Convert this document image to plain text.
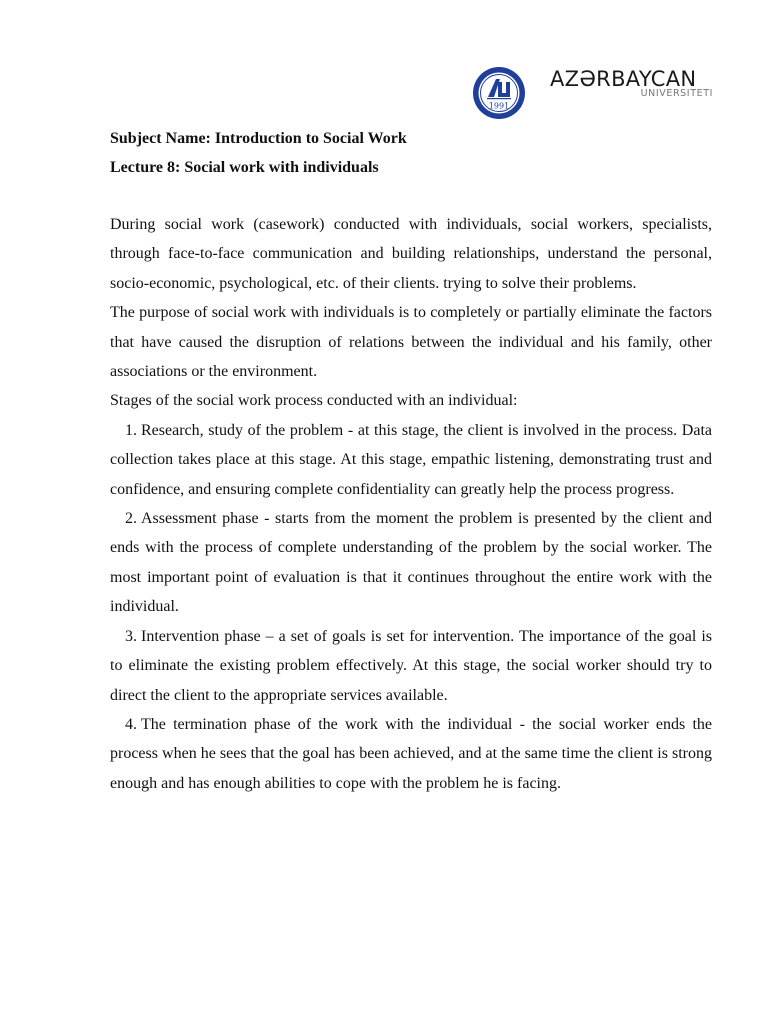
1991
AZƏRBAYCAN
UNIVERSITETI
Subject Name: Introduction to Social Work
Lecture 8: Social work with individuals

During social work (casework) conducted with individuals, social workers, specialists, through face-to-face communication and building relationships, understand the personal, socio-economic, psychological, etc. of their clients. trying to solve their problems.

The purpose of social work with individuals is to completely or partially eliminate the factors that have caused the disruption of relations between the individual and his family, other associations or the environment.

Stages of the social work process conducted with an individual:

1. Research, study of the problem - at this stage, the client is involved in the process. Data collection takes place at this stage. At this stage, empathic listening, demonstrating trust and confidence, and ensuring complete confidentiality can greatly help the process progress.

2. Assessment phase - starts from the moment the problem is presented by the client and ends with the process of complete understanding of the problem by the social worker. The most important point of evaluation is that it continues throughout the entire work with the individual.

3. Intervention phase – a set of goals is set for intervention. The importance of the goal is to eliminate the existing problem effectively. At this stage, the social worker should try to direct the client to the appropriate services available.

4. The termination phase of the work with the individual - the social worker ends the process when he sees that the goal has been achieved, and at the same time the client is strong enough and has enough abilities to cope with the problem he is facing.
